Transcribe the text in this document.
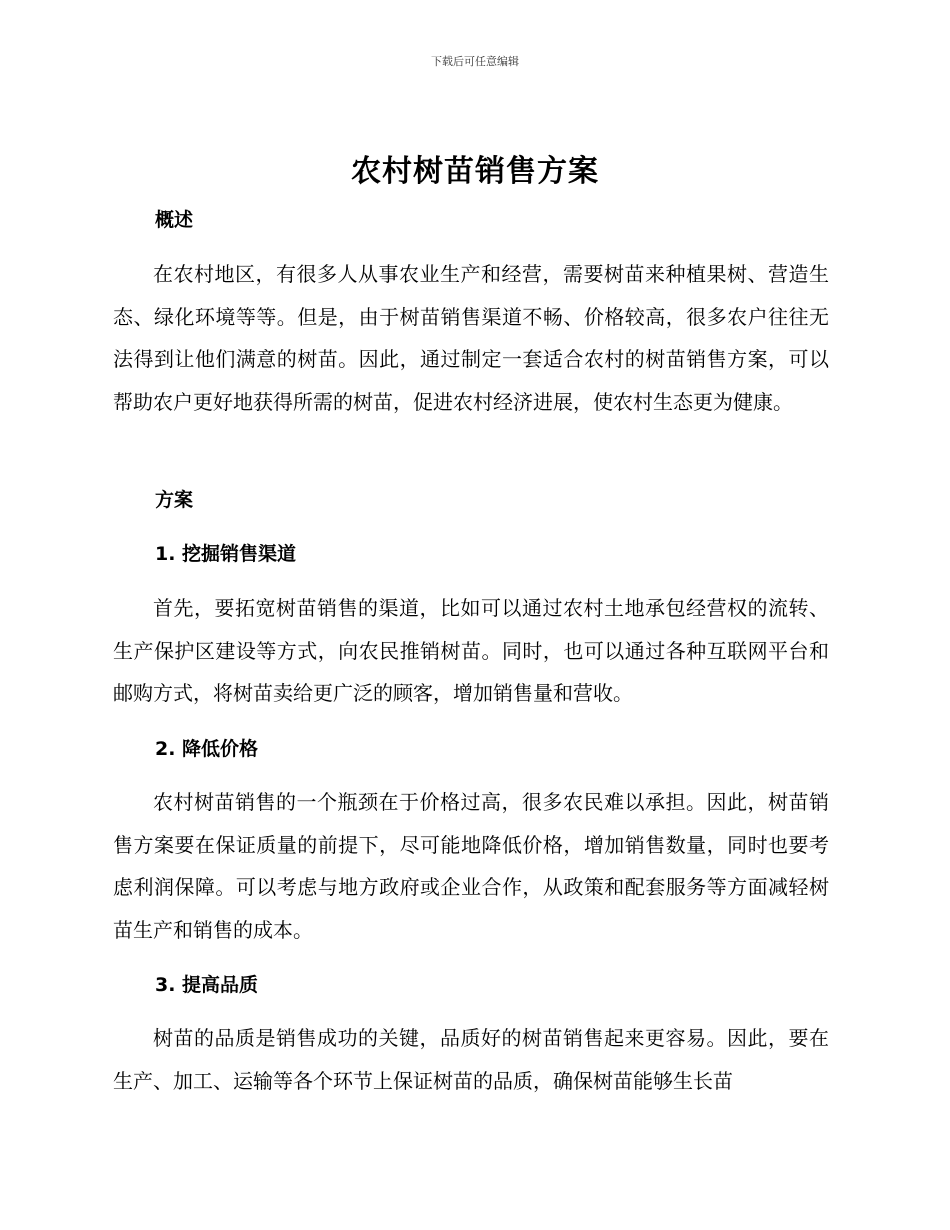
下载后可任意编辑
农村树苗销售方案
概述

在农村地区，有很多人从事农业生产和经营，需要树苗来种植果树、营造生态、绿化环境等等。但是，由于树苗销售渠道不畅、价格较高，很多农户往往无法得到让他们满意的树苗。因此，通过制定一套适合农村的树苗销售方案，可以帮助农户更好地获得所需的树苗，促进农村经济进展，使农村生态更为健康。

方案
1. 挖掘销售渠道

首先，要拓宽树苗销售的渠道，比如可以通过农村土地承包经营权的流转、生产保护区建设等方式，向农民推销树苗。同时，也可以通过各种互联网平台和邮购方式，将树苗卖给更广泛的顾客，增加销售量和营收。

2. 降低价格

农村树苗销售的一个瓶颈在于价格过高，很多农民难以承担。因此，树苗销售方案要在保证质量的前提下，尽可能地降低价格，增加销售数量，同时也要考虑利润保障。可以考虑与地方政府或企业合作，从政策和配套服务等方面减轻树苗生产和销售的成本。

3. 提高品质

树苗的品质是销售成功的关键，品质好的树苗销售起来更容易。因此，要在生产、加工、运输等各个环节上保证树苗的品质，确保树苗能够生长苗
